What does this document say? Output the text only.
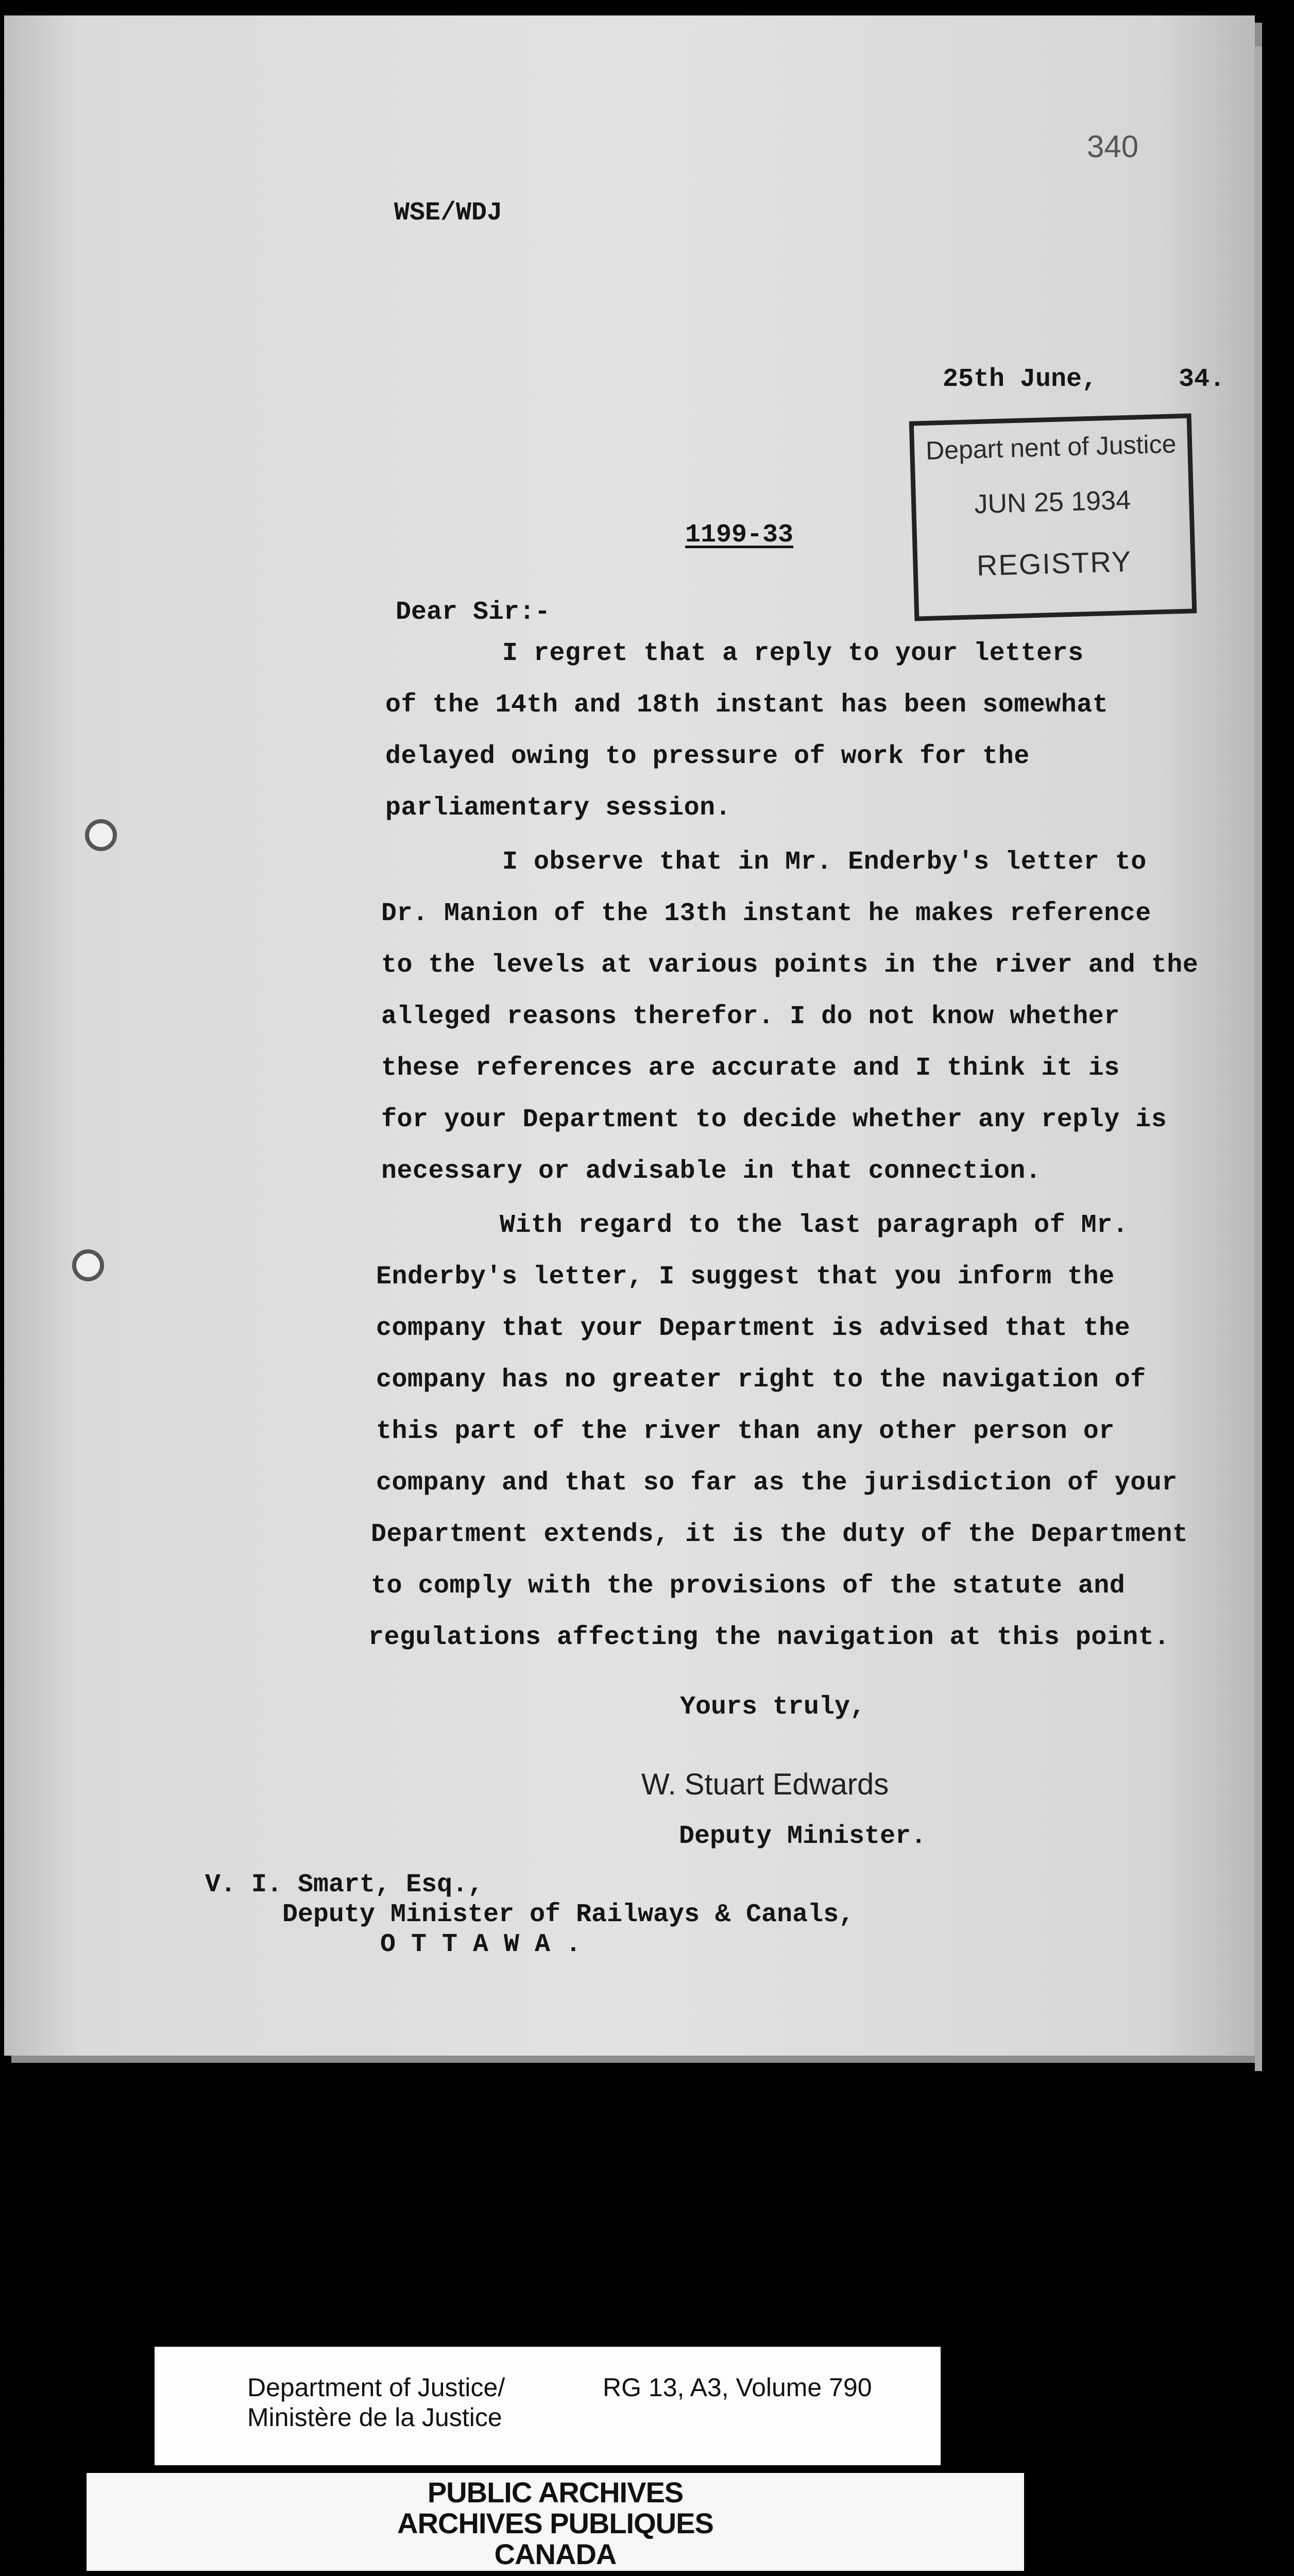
340
WSE/WDJ
25th June,	34.
Depart nent of Justice
JUN 25 1934
REGISTRY
1199-33
Dear Sir:-
I regret that a reply to your letters
of the 14th and 18th instant has been somewhat
delayed owing to pressure of work for the
parliamentary session.
I observe that in Mr. Enderby's letter to
Dr. Manion of the 13th instant he makes reference
to the levels at various points in the river and the
alleged reasons therefor. I do not know whether
these references are accurate and I think it is
for your Department to decide whether any reply is
necessary or advisable in that connection.
With regard to the last paragraph of Mr.
Enderby's letter, I suggest that you inform the
company that your Department is advised that the
company has no greater right to the navigation of
this part of the river than any other person or
company and that so far as the jurisdiction of your
Department extends, it is the duty of the Department
to comply with the provisions of the statute and
regulations affecting the navigation at this point.
Yours truly,
W. Stuart Edwards
Deputy Minister.
V. I. Smart, Esq.,
Deputy Minister of Railways & Canals,
O T T A W A .
Department of Justice/
Ministère de la Justice
RG 13, A3, Volume 790
PUBLIC ARCHIVES
ARCHIVES PUBLIQUES
CANADA
